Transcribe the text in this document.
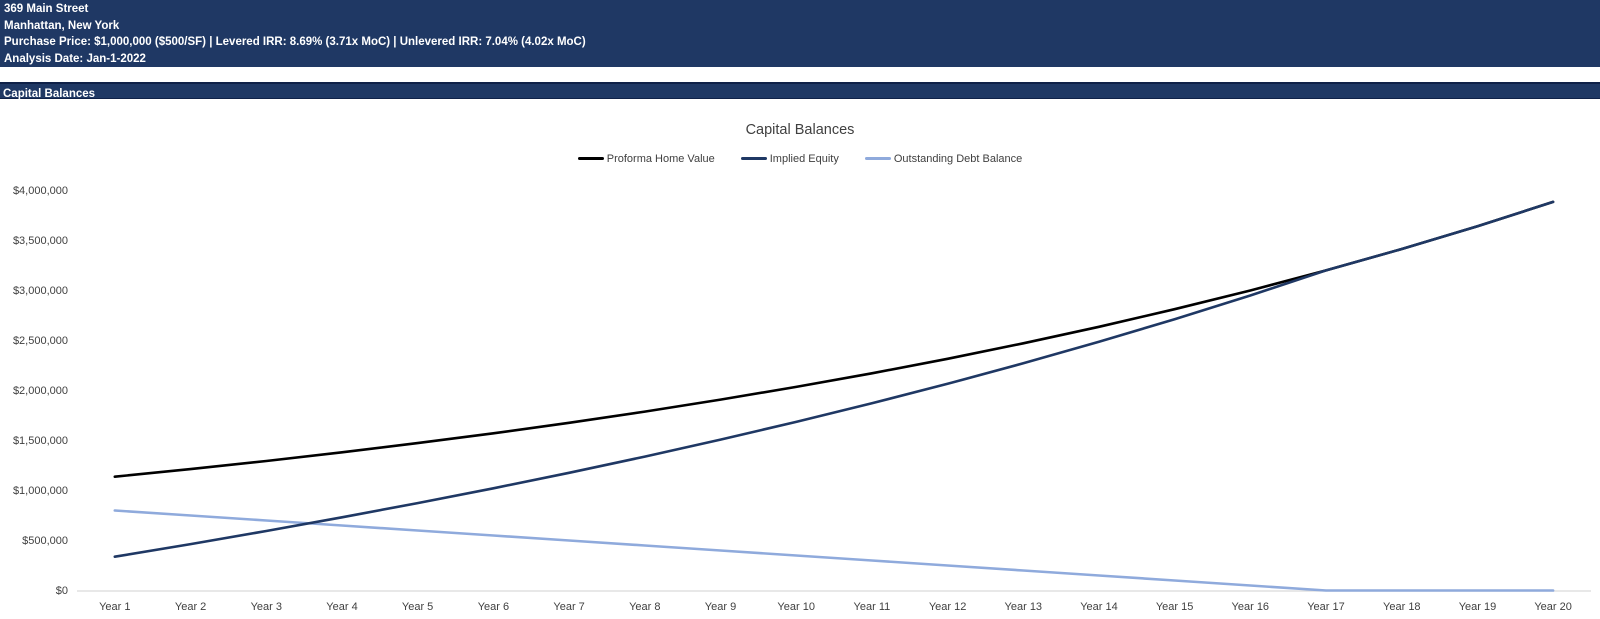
369 Main Street
Manhattan, New York
Purchase Price: $1,000,000 ($500/SF) | Levered IRR: 8.69% (3.71x MoC) | Unlevered IRR: 7.04% (4.02x MoC)
Analysis Date: Jan-1-2022
Capital Balances
Capital Balances
Proforma Home Value	Implied Equity	Outstanding Debt Balance
$0
$500,000
$1,000,000
$1,500,000
$2,000,000
$2,500,000
$3,000,000
$3,500,000
$4,000,000
Year 1	Year 2	Year 3	Year 4	Year 5	Year 6	Year 7	Year 8	Year 9	Year 10	Year 11	Year 12	Year 13	Year 14	Year 15	Year 16	Year 17	Year 18	Year 19	Year 20
